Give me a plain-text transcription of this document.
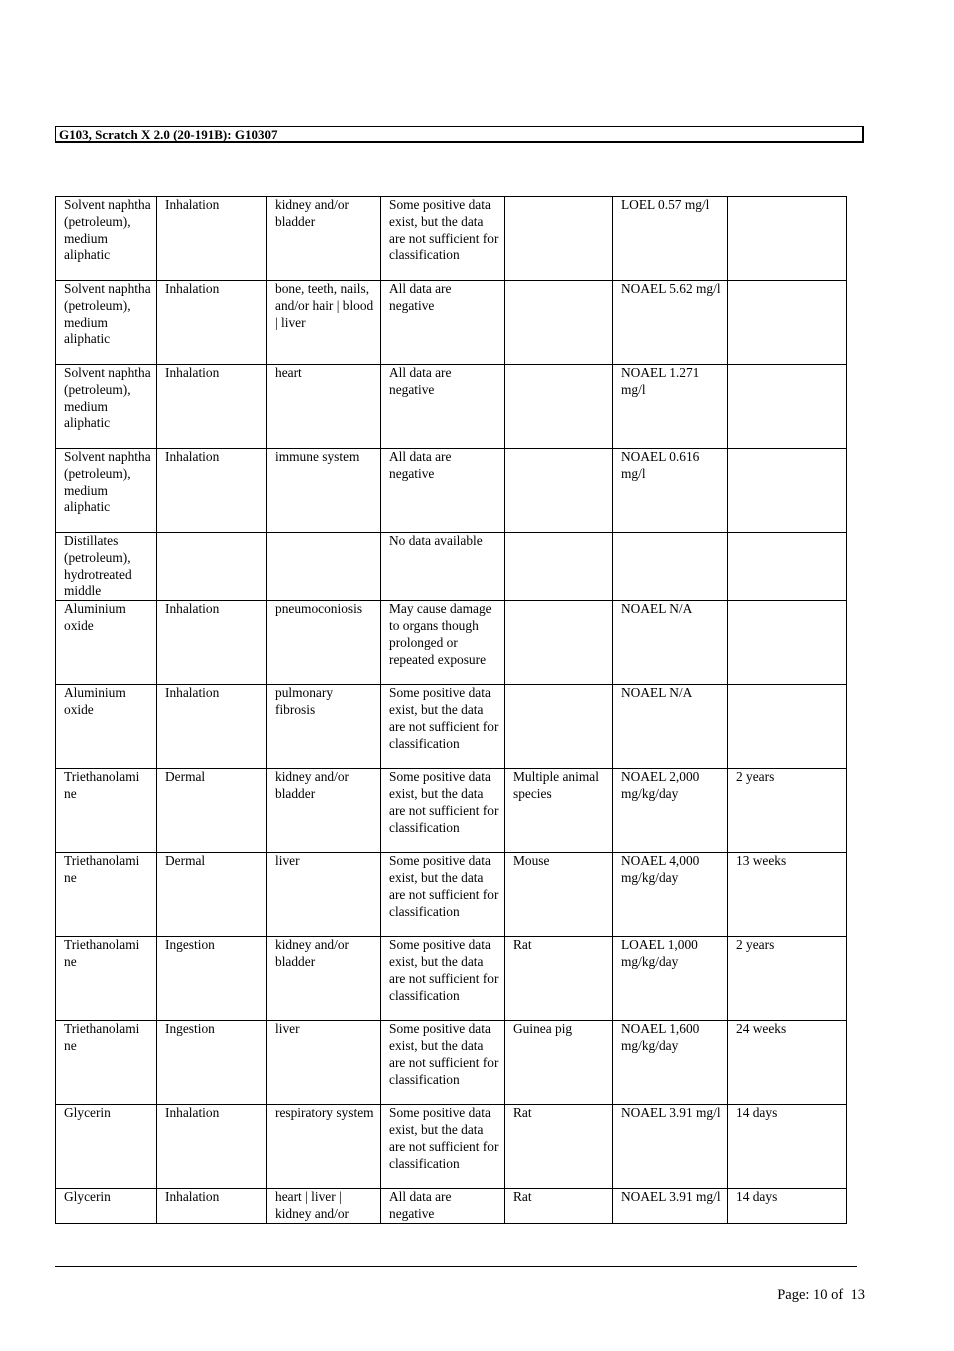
G103, Scratch X 2.0 (20-191B): G10307
Solvent naphtha (petroleum), medium aliphatic	Inhalation	kidney and/or bladder	Some positive data exist, but the data are not sufficient for classification		LOEL 0.57 mg/l	
Solvent naphtha (petroleum), medium aliphatic	Inhalation	bone, teeth, nails, and/or hair | blood | liver	All data are negative		NOAEL 5.62 mg/l	
Solvent naphtha (petroleum), medium aliphatic	Inhalation	heart	All data are negative		NOAEL 1.271 mg/l	
Solvent naphtha (petroleum), medium aliphatic	Inhalation	immune system	All data are negative		NOAEL 0.616 mg/l	
Distillates (petroleum), hydrotreated middle			No data available			
Aluminium oxide	Inhalation	pneumoconiosis	May cause damage to organs though prolonged or repeated exposure		NOAEL N/A	
Aluminium oxide	Inhalation	pulmonary fibrosis	Some positive data exist, but the data are not sufficient for classification		NOAEL N/A	
Triethanolami ne	Dermal	kidney and/or bladder	Some positive data exist, but the data are not sufficient for classification	Multiple animal species	NOAEL 2,000 mg/kg/day	2 years
Triethanolami ne	Dermal	liver	Some positive data exist, but the data are not sufficient for classification	Mouse	NOAEL 4,000 mg/kg/day	13 weeks
Triethanolami ne	Ingestion	kidney and/or bladder	Some positive data exist, but the data are not sufficient for classification	Rat	LOAEL 1,000 mg/kg/day	2 years
Triethanolami ne	Ingestion	liver	Some positive data exist, but the data are not sufficient for classification	Guinea pig	NOAEL 1,600 mg/kg/day	24 weeks
Glycerin	Inhalation	respiratory system	Some positive data exist, but the data are not sufficient for classification	Rat	NOAEL 3.91 mg/l	14 days
Glycerin	Inhalation	heart | liver | kidney and/or	All data are negative	Rat	NOAEL 3.91 mg/l	14 days
Page: 10 of  13
